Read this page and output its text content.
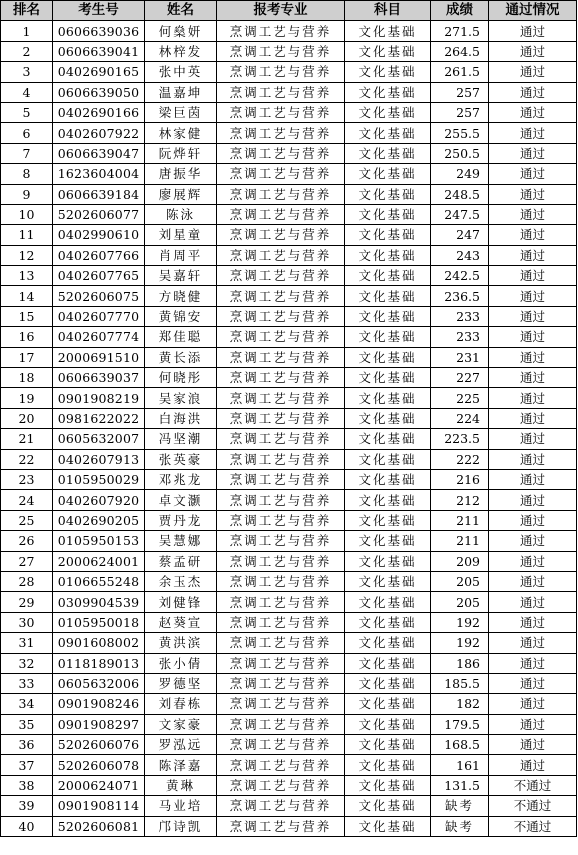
排名	考生号	姓名	报考专业	科目	成绩	通过情况
1	0606639036	何燊妍	烹调工艺与营养	文化基础	271.5	通过
2	0606639041	林梓发	烹调工艺与营养	文化基础	264.5	通过
3	0402690165	张中英	烹调工艺与营养	文化基础	261.5	通过
4	0606639050	温嘉坤	烹调工艺与营养	文化基础	257	通过
5	0402690166	梁巨茵	烹调工艺与营养	文化基础	257	通过
6	0402607922	林家健	烹调工艺与营养	文化基础	255.5	通过
7	0606639047	阮烨轩	烹调工艺与营养	文化基础	250.5	通过
8	1623604004	唐振华	烹调工艺与营养	文化基础	249	通过
9	0606639184	廖展辉	烹调工艺与营养	文化基础	248.5	通过
10	5202606077	陈泳	烹调工艺与营养	文化基础	247.5	通过
11	0402990610	刘星童	烹调工艺与营养	文化基础	247	通过
12	0402607766	肖周平	烹调工艺与营养	文化基础	243	通过
13	0402607765	吴嘉轩	烹调工艺与营养	文化基础	242.5	通过
14	5202606075	方晓健	烹调工艺与营养	文化基础	236.5	通过
15	0402607770	黄锦安	烹调工艺与营养	文化基础	233	通过
16	0402607774	郑佳聪	烹调工艺与营养	文化基础	233	通过
17	2000691510	黄长添	烹调工艺与营养	文化基础	231	通过
18	0606639037	何晓彤	烹调工艺与营养	文化基础	227	通过
19	0901908219	吴家浪	烹调工艺与营养	文化基础	225	通过
20	0981622022	白海洪	烹调工艺与营养	文化基础	224	通过
21	0605632007	冯坚潮	烹调工艺与营养	文化基础	223.5	通过
22	0402607913	张英豪	烹调工艺与营养	文化基础	222	通过
23	0105950029	邓兆龙	烹调工艺与营养	文化基础	216	通过
24	0402607920	卓文灏	烹调工艺与营养	文化基础	212	通过
25	0402690205	贾丹龙	烹调工艺与营养	文化基础	211	通过
26	0105950153	吴慧娜	烹调工艺与营养	文化基础	211	通过
27	2000624001	蔡孟研	烹调工艺与营养	文化基础	209	通过
28	0106655248	余玉杰	烹调工艺与营养	文化基础	205	通过
29	0309904539	刘健锋	烹调工艺与营养	文化基础	205	通过
30	0105950018	赵葵宣	烹调工艺与营养	文化基础	192	通过
31	0901608002	黄洪滨	烹调工艺与营养	文化基础	192	通过
32	0118189013	张小倩	烹调工艺与营养	文化基础	186	通过
33	0605632006	罗德坚	烹调工艺与营养	文化基础	185.5	通过
34	0901908246	刘春栋	烹调工艺与营养	文化基础	182	通过
35	0901908297	文家豪	烹调工艺与营养	文化基础	179.5	通过
36	5202606076	罗泓远	烹调工艺与营养	文化基础	168.5	通过
37	5202606078	陈泽嘉	烹调工艺与营养	文化基础	161	通过
38	2000624071	黄琳	烹调工艺与营养	文化基础	131.5	不通过
39	0901908114	马业培	烹调工艺与营养	文化基础	缺考	不通过
40	5202606081	邝诗凯	烹调工艺与营养	文化基础	缺考	不通过
